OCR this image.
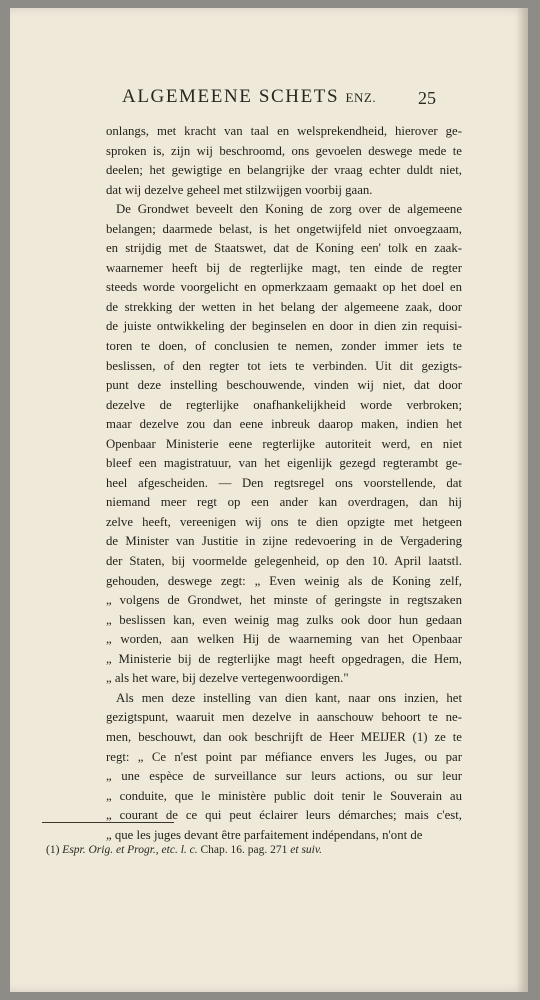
ALGEMEENE SCHETS ENZ. 25
onlangs, met kracht van taal en welsprekendheid, hierover ge-
sproken is, zijn wij beschroomd, ons gevoelen deswege mede te
deelen; het gewigtige en belangrijke der vraag echter duldt niet,
dat wij dezelve geheel met stilzwijgen voorbij gaan.
De Grondwet beveelt den Koning de zorg over de algemeene
belangen; daarmede belast, is het ongetwijfeld niet onvoegzaam,
en strijdig met de Staatswet, dat de Koning een' tolk en zaak-
waarnemer heeft bij de regterlijke magt, ten einde de regter
steeds worde voorgelicht en opmerkzaam gemaakt op het doel en
de strekking der wetten in het belang der algemeene zaak, door
de juiste ontwikkeling der beginselen en door in dien zin requisi-
toren te doen, of conclusien te nemen, zonder immer iets te
beslissen, of den regter tot iets te verbinden. Uit dit gezigts-
punt deze instelling beschouwende, vinden wij niet, dat door
dezelve de regterlijke onafhankelijkheid worde verbroken;
maar dezelve zou dan eene inbreuk daarop maken, indien het
Openbaar Ministerie eene regterlijke autoriteit werd, en niet
bleef een magistratuur, van het eigenlijk gezegd regterambt ge-
heel afgescheiden. — Den regtsregel ons voorstellende, dat
niemand meer regt op een ander kan overdragen, dan hij
zelve heeft, vereenigen wij ons te dien opzigte met hetgeen
de Minister van Justitie in zijne redevoering in de Vergadering
der Staten, bij voormelde gelegenheid, op den 10. April laatstl.
gehouden, deswege zegt: „ Even weinig als de Koning zelf,
„ volgens de Grondwet, het minste of geringste in regtszaken
„ beslissen kan, even weinig mag zulks ook door hun gedaan
„ worden, aan welken Hij de waarneming van het Openbaar
„ Ministerie bij de regterlijke magt heeft opgedragen, die Hem,
„ als het ware, bij dezelve vertegenwoordigen."
Als men deze instelling van dien kant, naar ons inzien, het
gezigtspunt, waaruit men dezelve in aanschouw behoort te ne-
men, beschouwt, dan ook beschrijft de Heer MEIJER (1) ze te
regt: „ Ce n'est point par méfiance envers les Juges, ou par
„ une espèce de surveillance sur leurs actions, ou sur leur
„ conduite, que le ministère public doit tenir le Souverain au
„ courant de ce qui peut éclairer leurs démarches; mais c'est,
„ que les juges devant être parfaitement indépendans, n'ont de
(1) Espr. Orig. et Progr., etc. l. c. Chap. 16. pag. 271 et suiv.
